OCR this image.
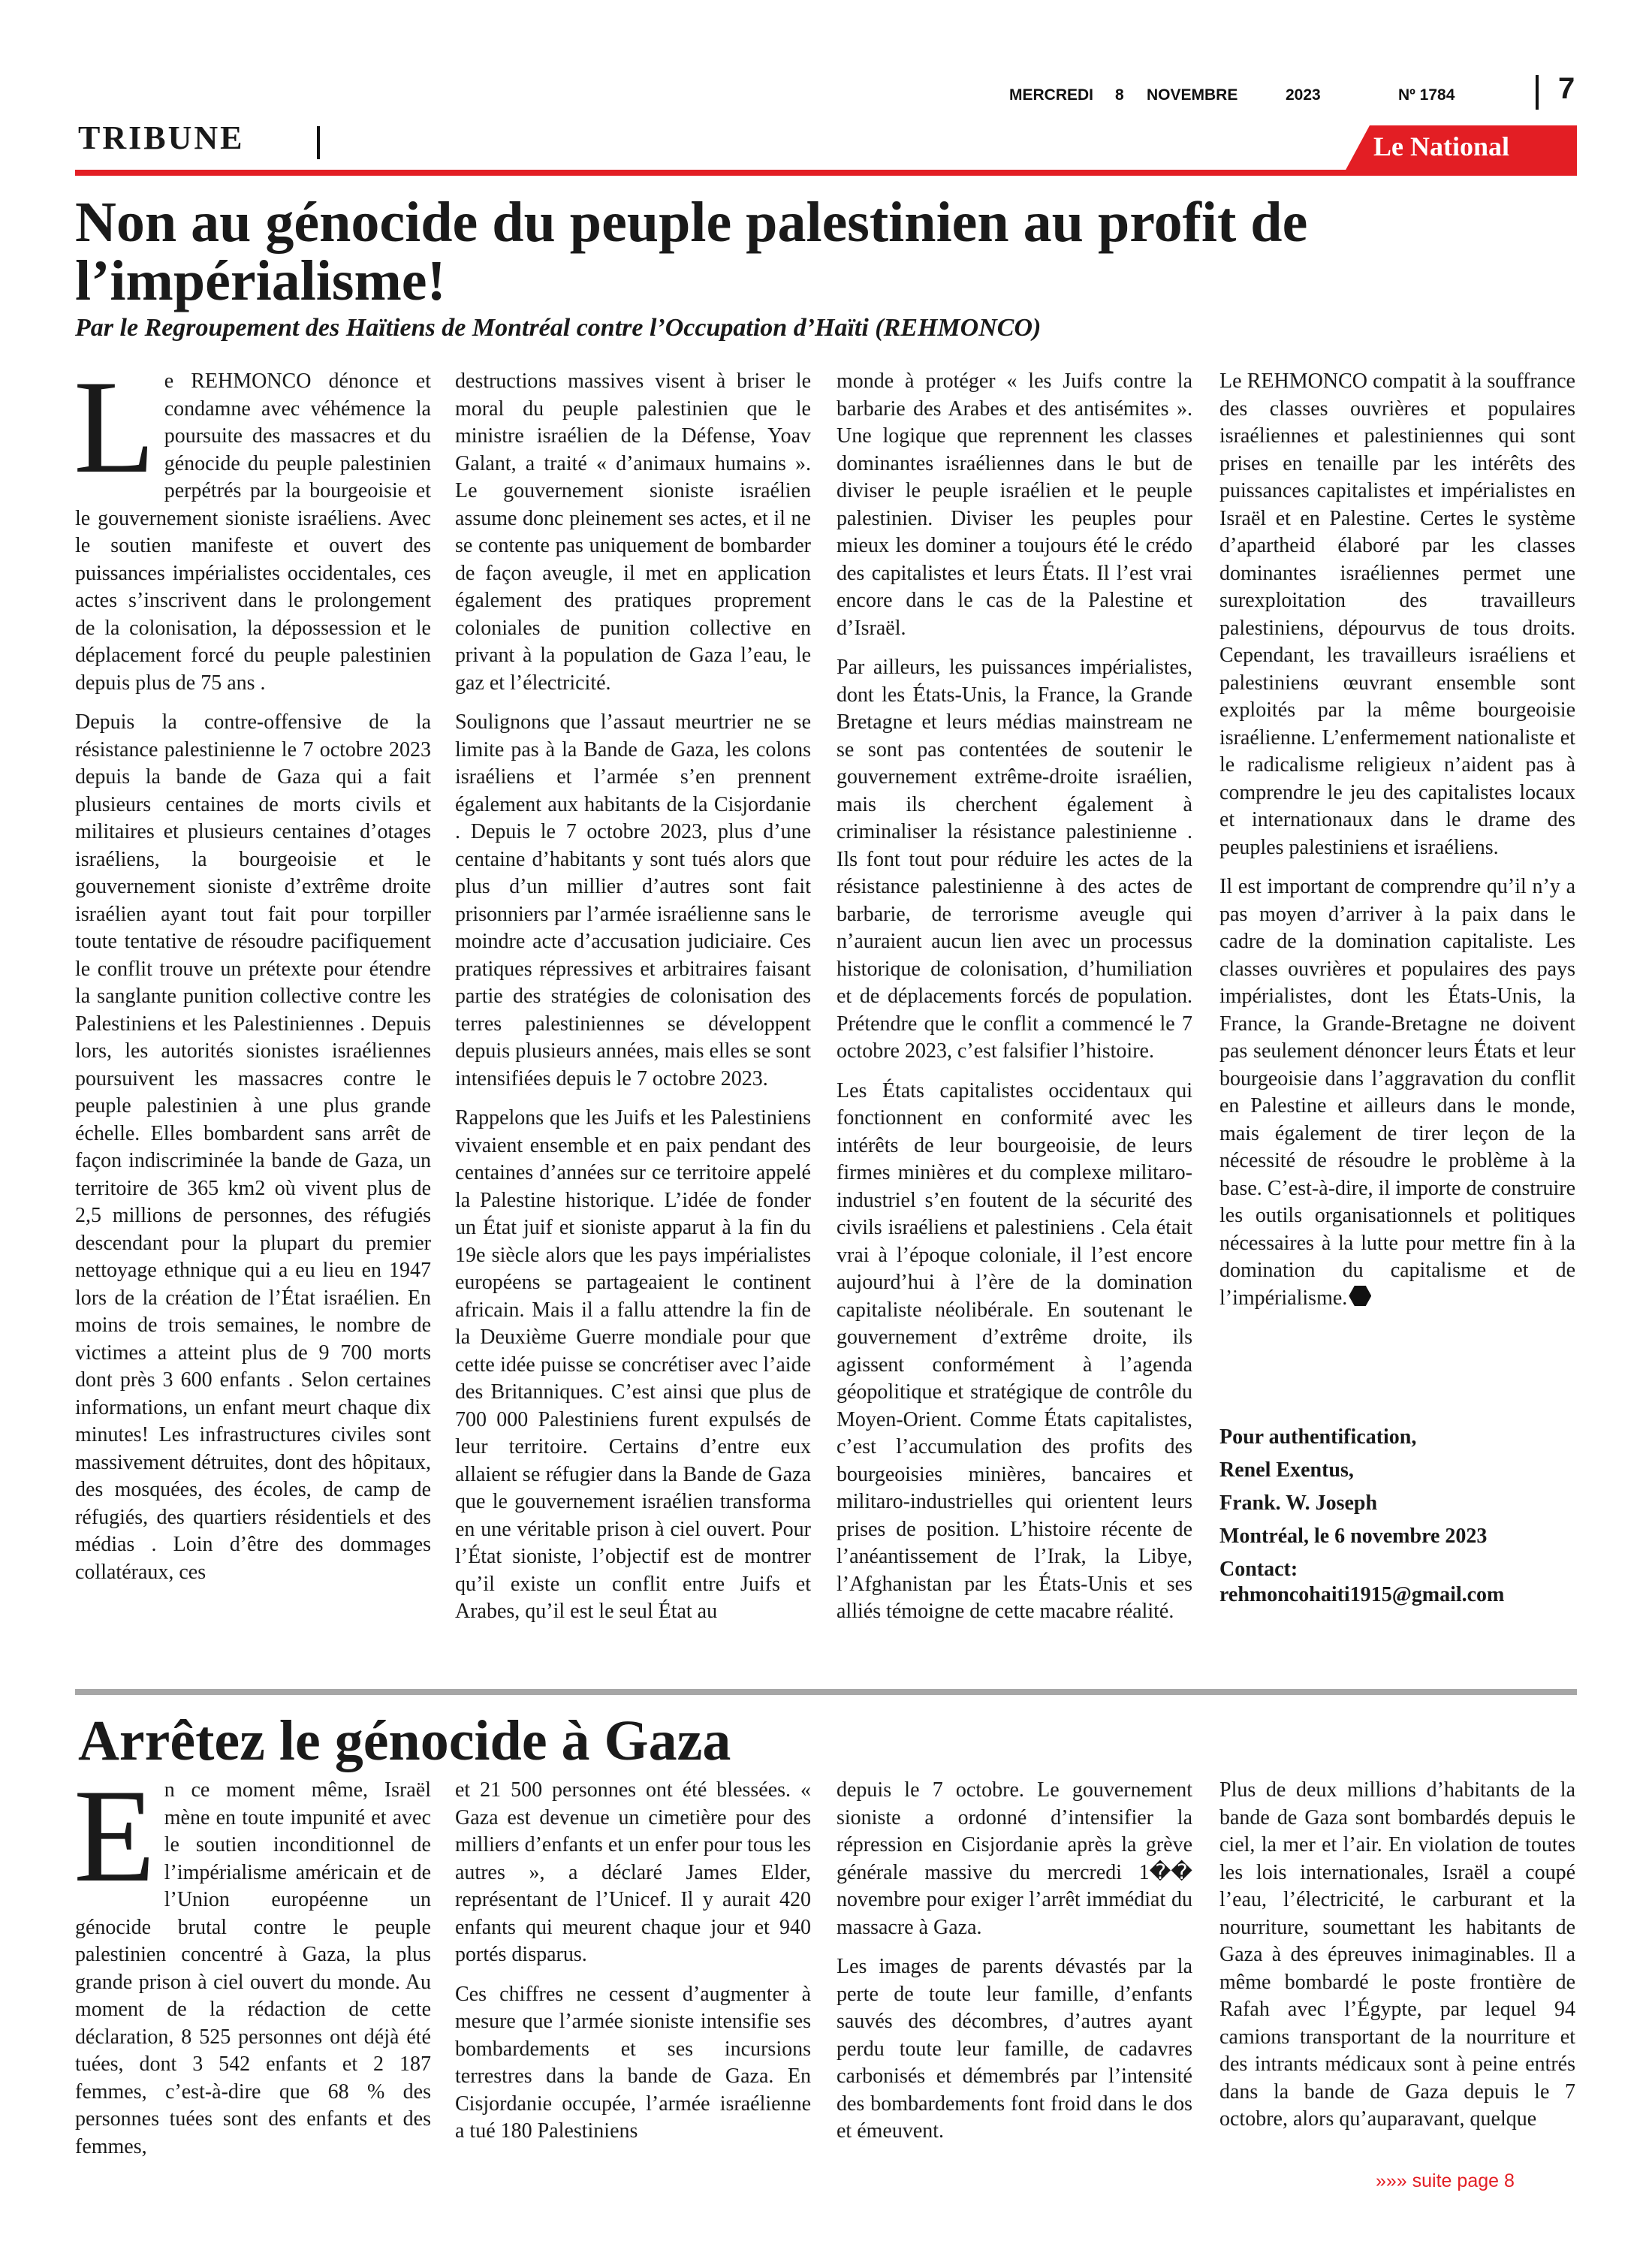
MERCREDI 8 NOVEMBRE	2023	Nº 1784	7
TRIBUNE	Le National
Non au génocide du peuple palestinien au profit de l’impérialisme!
Par le Regroupement des Haïtiens de Montréal contre l’Occupation d’Haïti (REHMONCO)

Le REHMONCO dénonce et condamne avec véhémence la poursuite des massacres et du génocide du peuple palestinien perpétrés par la bourgeoisie et le gouvernement sioniste israéliens. Avec le soutien manifeste et ouvert des puissances impérialistes occidentales, ces actes s’inscrivent dans le prolongement de la colonisation, la dépossession et le déplacement forcé du peuple palestinien depuis plus de 75 ans .

Depuis la contre-offensive de la résistance palestinienne le 7 octobre 2023 depuis la bande de Gaza qui a fait plusieurs centaines de morts civils et militaires et plusieurs centaines d’otages israéliens, la bourgeoisie et le gouvernement sioniste d’extrême droite israélien ayant tout fait pour torpiller toute tentative de résoudre pacifiquement le conflit trouve un prétexte pour étendre la sanglante punition collective contre les Palestiniens et les Palestiniennes . Depuis lors, les autorités sionistes israéliennes poursuivent les massacres contre le peuple palestinien à une plus grande échelle. Elles bombardent sans arrêt de façon indiscriminée la bande de Gaza, un territoire de 365 km2 où vivent plus de 2,5 millions de personnes, des réfugiés descendant pour la plupart du premier nettoyage ethnique qui a eu lieu en 1947 lors de la création de l’État israélien. En moins de trois semaines, le nombre de victimes a atteint plus de 9 700 morts dont près 3 600 enfants . Selon certaines informations, un enfant meurt chaque dix minutes! Les infrastructures civiles sont massivement détruites, dont des hôpitaux, des mosquées, des écoles, de camp de réfugiés, des quartiers résidentiels et des médias . Loin d’être des dommages collatéraux, ces

destructions massives visent à briser le moral du peuple palestinien que le ministre israélien de la Défense, Yoav Galant, a traité « d’animaux humains ». Le gouvernement sioniste israélien assume donc pleinement ses actes, et il ne se contente pas uniquement de bombarder de façon aveugle, il met en application également des pratiques proprement coloniales de punition collective en privant à la population de Gaza l’eau, le gaz et l’électricité.

Soulignons que l’assaut meurtrier ne se limite pas à la Bande de Gaza, les colons israéliens et l’armée s’en prennent également aux habitants de la Cisjordanie . Depuis le 7 octobre 2023, plus d’une centaine d’habitants y sont tués alors que plus d’un millier d’autres sont fait prisonniers par l’armée israélienne sans le moindre acte d’accusation judiciaire. Ces pratiques répressives et arbitraires faisant partie des stratégies de colonisation des terres palestiniennes se développent depuis plusieurs années, mais elles se sont intensifiées depuis le 7 octobre 2023.

Rappelons que les Juifs et les Palestiniens vivaient ensemble et en paix pendant des centaines d’années sur ce territoire appelé la Palestine historique. L’idée de fonder un État juif et sioniste apparut à la fin du 19e siècle alors que les pays impérialistes européens se partageaient le continent africain. Mais il a fallu attendre la fin de la Deuxième Guerre mondiale pour que cette idée puisse se concrétiser avec l’aide des Britanniques. C’est ainsi que plus de 700 000 Palestiniens furent expulsés de leur territoire. Certains d’entre eux allaient se réfugier dans la Bande de Gaza que le gouvernement israélien transforma en une véritable prison à ciel ouvert. Pour l’État sioniste, l’objectif est de montrer qu’il existe un conflit entre Juifs et Arabes, qu’il est le seul État au

monde à protéger « les Juifs contre la barbarie des Arabes et des antisémites ». Une logique que reprennent les classes dominantes israéliennes dans le but de diviser le peuple israélien et le peuple palestinien. Diviser les peuples pour mieux les dominer a toujours été le crédo des capitalistes et leurs États. Il l’est vrai encore dans le cas de la Palestine et d’Israël.

Par ailleurs, les puissances impérialistes, dont les États-Unis, la France, la Grande Bretagne et leurs médias mainstream ne se sont pas contentées de soutenir le gouvernement extrême-droite israélien, mais ils cherchent également à criminaliser la résistance palestinienne . Ils font tout pour réduire les actes de la résistance palestinienne à des actes de barbarie, de terrorisme aveugle qui n’auraient aucun lien avec un processus historique de colonisation, d’humiliation et de déplacements forcés de population. Prétendre que le conflit a commencé le 7 octobre 2023, c’est falsifier l’histoire.

Les États capitalistes occidentaux qui fonctionnent en conformité avec les intérêts de leur bourgeoisie, de leurs firmes minières et du complexe militaro-industriel s’en foutent de la sécurité des civils israéliens et palestiniens . Cela était vrai à l’époque coloniale, il l’est encore aujourd’hui à l’ère de la domination capitaliste néolibérale. En soutenant le gouvernement d’extrême droite, ils agissent conformément à l’agenda géopolitique et stratégique de contrôle du Moyen-Orient. Comme États capitalistes, c’est l’accumulation des profits des bourgeoisies minières, bancaires et militaro-industrielles qui orientent leurs prises de position. L’histoire récente de l’anéantissement de l’Irak, la Libye, l’Afghanistan par les États-Unis et ses alliés témoigne de cette macabre réalité.

Le REHMONCO compatit à la souffrance des classes ouvrières et populaires israéliennes et palestiniennes qui sont prises en tenaille par les intérêts des puissances capitalistes et impérialistes en Israël et en Palestine. Certes le système d’apartheid élaboré par les classes dominantes israéliennes permet une surexploitation des travailleurs palestiniens, dépourvus de tous droits. Cependant, les travailleurs israéliens et palestiniens œuvrant ensemble sont exploités par la même bourgeoisie israélienne. L’enfermement nationaliste et le radicalisme religieux n’aident pas à comprendre le jeu des capitalistes locaux et internationaux dans le drame des peuples palestiniens et israéliens.

Il est important de comprendre qu’il n’y a pas moyen d’arriver à la paix dans le cadre de la domination capitaliste. Les classes ouvrières et populaires des pays impérialistes, dont les États-Unis, la France, la Grande-Bretagne ne doivent pas seulement dénoncer leurs États et leur bourgeoisie dans l’aggravation du conflit en Palestine et ailleurs dans le monde, mais également de tirer leçon de la nécessité de résoudre le problème à la base. C’est-à-dire, il importe de construire les outils organisationnels et politiques nécessaires à la lutte pour mettre fin à la domination du capitalisme et de l’impérialisme.

Pour authentification,
Renel Exentus,
Frank. W. Joseph
Montréal, le 6 novembre 2023
Contact: rehmoncohaiti1915@gmail.com
Arrêtez le génocide à Gaza

En ce moment même, Israël mène en toute impunité et avec le soutien inconditionnel de l’impérialisme américain et de l’Union européenne un génocide brutal contre le peuple palestinien concentré à Gaza, la plus grande prison à ciel ouvert du monde. Au moment de la rédaction de cette déclaration, 8 525 personnes ont déjà été tuées, dont 3 542 enfants et 2 187 femmes, c’est-à-dire que 68 % des personnes tuées sont des enfants et des femmes,

et 21 500 personnes ont été blessées. « Gaza est devenue un cimetière pour des milliers d’enfants et un enfer pour tous les autres », a déclaré James Elder, représentant de l’Unicef. Il y aurait 420 enfants qui meurent chaque jour et 940 portés disparus.

Ces chiffres ne cessent d’augmenter à mesure que l’armée sioniste intensifie ses bombardements et ses incursions terrestres dans la bande de Gaza. En Cisjordanie occupée, l’armée israélienne a tué 180 Palestiniens

depuis le 7 octobre. Le gouvernement sioniste a ordonné d’intensifier la répression en Cisjordanie après la grève générale massive du mercredi 1�� novembre pour exiger l’arrêt immédiat du massacre à Gaza.

Les images de parents dévastés par la perte de toute leur famille, d’enfants sauvés des décombres, d’autres ayant perdu toute leur famille, de cadavres carbonisés et démembrés par l’intensité des bombardements font froid dans le dos et émeuvent.

Plus de deux millions d’habitants de la bande de Gaza sont bombardés depuis le ciel, la mer et l’air. En violation de toutes les lois internationales, Israël a coupé l’eau, l’électricité, le carburant et la nourriture, soumettant les habitants de Gaza à des épreuves inimaginables. Il a même bombardé le poste frontière de Rafah avec l’Égypte, par lequel 94 camions transportant de la nourriture et des intrants médicaux sont à peine entrés dans la bande de Gaza depuis le 7 octobre, alors qu’auparavant, quelque

»»» suite page 8
